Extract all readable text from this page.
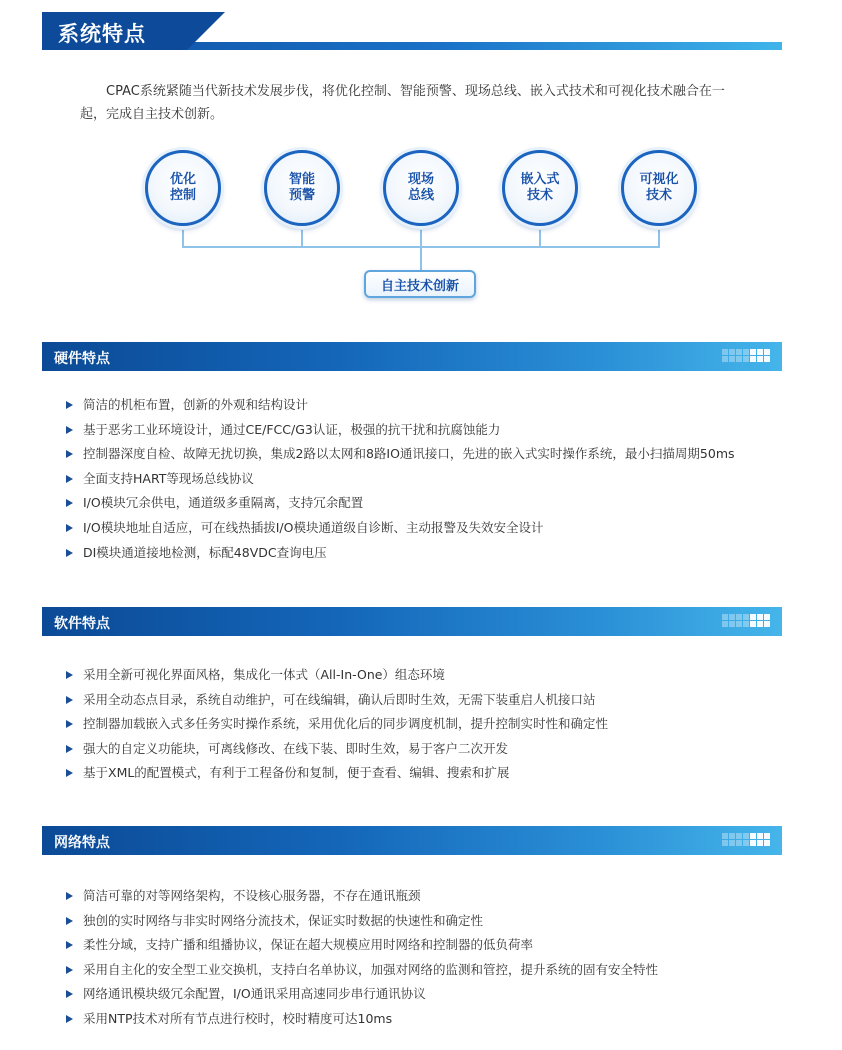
系统特点

CPAC系统紧随当代新技术发展步伐，将优化控制、智能预警、现场总线、嵌入式技术和可视化技术融合在一起，完成自主技术创新。

优化
控制
智能
预警
现场
总线
嵌入式
技术
可视化
技术
自主技术创新
硬件特点
简洁的机柜布置，创新的外观和结构设计
基于恶劣工业环境设计，通过CE/FCC/G3认证，极强的抗干扰和抗腐蚀能力
控制器深度自检、故障无扰切换，集成2路以太网和8路IO通讯接口，先进的嵌入式实时操作系统，最小扫描周期50ms
全面支持HART等现场总线协议
I/O模块冗余供电，通道级多重隔离，支持冗余配置
I/O模块地址自适应，可在线热插拔I/O模块通道级自诊断、主动报警及失效安全设计
DI模块通道接地检测，标配48VDC查询电压
软件特点
采用全新可视化界面风格，集成化一体式（All-In-One）组态环境
采用全动态点目录，系统自动维护，可在线编辑，确认后即时生效，无需下装重启人机接口站
控制器加载嵌入式多任务实时操作系统，采用优化后的同步调度机制，提升控制实时性和确定性
强大的自定义功能块，可离线修改、在线下装、即时生效，易于客户二次开发
基于XML的配置模式，有利于工程备份和复制，便于查看、编辑、搜索和扩展
网络特点
简洁可靠的对等网络架构，不设核心服务器，不存在通讯瓶颈
独创的实时网络与非实时网络分流技术，保证实时数据的快速性和确定性
柔性分域，支持广播和组播协议，保证在超大规模应用时网络和控制器的低负荷率
采用自主化的安全型工业交换机，支持白名单协议，加强对网络的监测和管控，提升系统的固有安全特性
网络通讯模块级冗余配置，I/O通讯采用高速同步串行通讯协议
采用NTP技术对所有节点进行校时，校时精度可达10ms
